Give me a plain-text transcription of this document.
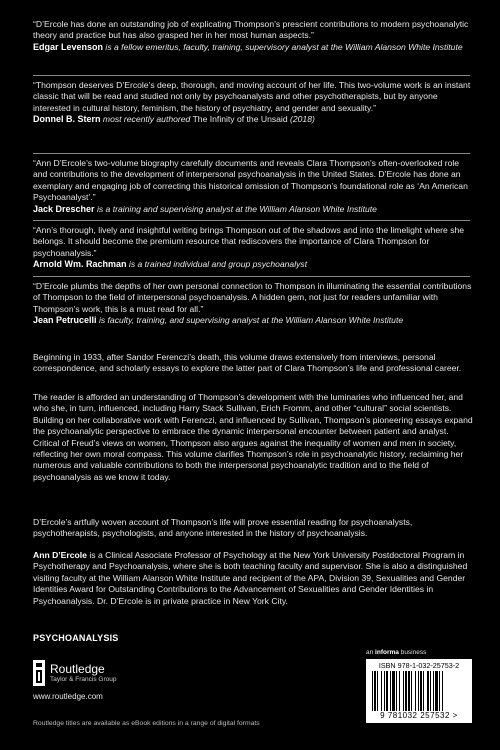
“D’Ercole has done an outstanding job of explicating Thompson’s prescient contributions to modern psychoanalytic theory and practice but has also grasped her in her most human aspects.”

Edgar Levenson is a fellow emeritus, faculty, training, supervisory analyst at the William Alanson White Institute

“Thompson deserves D’Ercole’s deep, thorough, and moving account of her life. This two-volume work is an instant classic that will be read and studied not only by psychoanalysts and other psychotherapists, but by anyone interested in cultural history, feminism, the history of psychiatry, and gender and sexuality.”

Donnel B. Stern most recently authored The Infinity of the Unsaid (2018)

“Ann D’Ercole’s two-volume biography carefully documents and reveals Clara Thompson’s often-overlooked role and contributions to the development of interpersonal psychoanalysis in the United States. D’Ercole has done an exemplary and engaging job of correcting this historical omission of Thompson’s foundational role as ‘An American Psychoanalyst’.”

Jack Drescher is a training and supervising analyst at the William Alanson White Institute

“Ann’s thorough, lively and insightful writing brings Thompson out of the shadows and into the limelight where she belongs. It should become the premium resource that rediscovers the importance of Clara Thompson for psychoanalysis.”

Arnold Wm. Rachman is a trained individual and group psychoanalyst

“D’Ercole plumbs the depths of her own personal connection to Thompson in illuminating the essential contributions of Thompson to the field of interpersonal psychoanalysis. A hidden gem, not just for readers unfamiliar with Thompson’s work, this is a must read for all.”

Jean Petrucelli is faculty, training, and supervising analyst at the William Alanson White Institute

Beginning in 1933, after Sandor Ferenczi’s death, this volume draws extensively from interviews, personal correspondence, and scholarly essays to explore the latter part of Clara Thompson’s life and professional career.

The reader is afforded an understanding of Thompson’s development with the luminaries who influenced her, and who she, in turn, influenced, including Harry Stack Sullivan, Erich Fromm, and other “cultural” social scientists. Building on her collaborative work with Ferenczi, and influenced by Sullivan, Thompson’s pioneering essays expand the psychoanalytic perspective to embrace the dynamic interpersonal encounter between patient and analyst. Critical of Freud’s views on women, Thompson also argues against the inequality of women and men in society, reflecting her own moral compass. This volume clarifies Thompson’s role in psychoanalytic history, reclaiming her numerous and valuable contributions to both the interpersonal psychoanalytic tradition and to the field of psychoanalysis as we know it today.

D’Ercole’s artfully woven account of Thompson’s life will prove essential reading for psychoanalysts, psychotherapists, psychologists, and anyone interested in the history of psychoanalysis.

Ann D’Ercole is a Clinical Associate Professor of Psychology at the New York University Postdoctoral Program in Psychotherapy and Psychoanalysis, where she is both teaching faculty and supervisor. She is also a distinguished visiting faculty at the William Alanson White Institute and recipient of the APA, Division 39, Sexualities and Gender Identities Award for Outstanding Contributions to the Advancement of Sexualities and Gender Identities in Psychoanalysis. Dr. D’Ercole is in private practice in New York City.

PSYCHOANALYSIS
Routledge
Taylor & Francis Group
www.routledge.com
an informa business
ISBN 978-1-032-25753-2
9 781032 257532 >
Routledge titles are available as eBook editions in a range of digital formats
